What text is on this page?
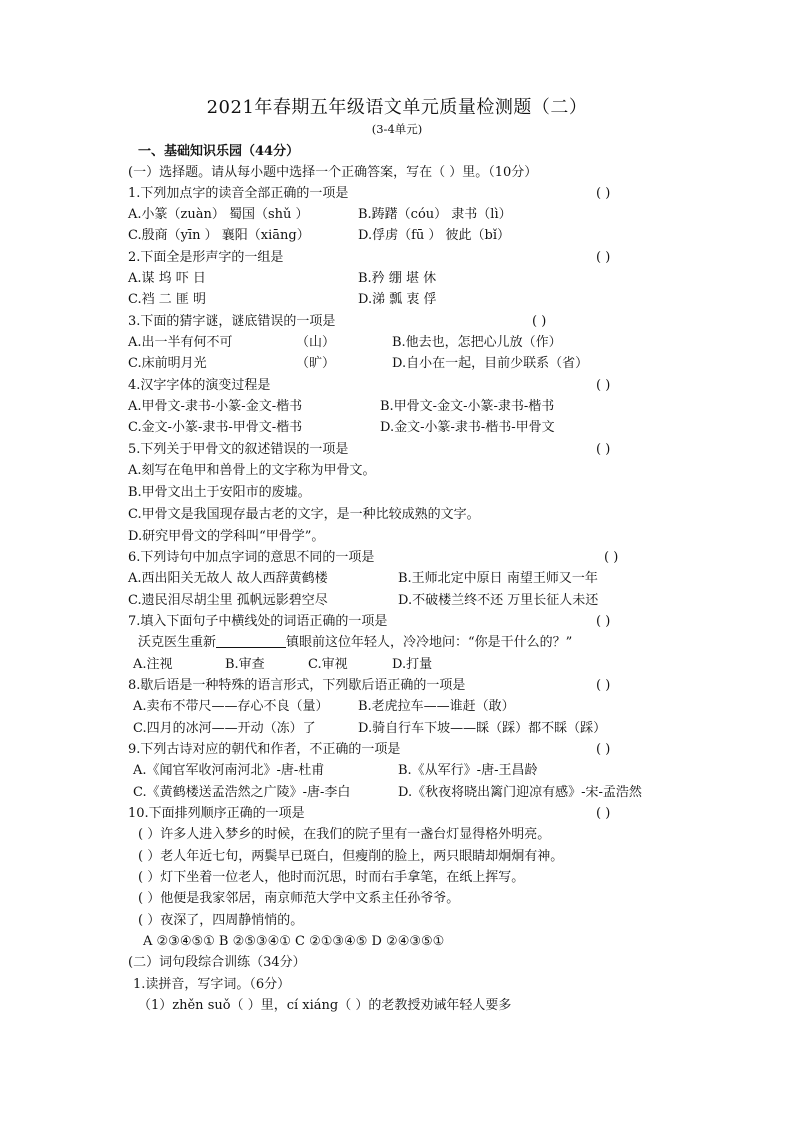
2021年春期五年级语文单元质量检测题（二）
(3-4单元)
一、基础知识乐园（44分）
(一）选择题。请从每小题中选择一个正确答案，写在（ ）里。（10分）
1.下列加点字的读音全部正确的一项是	( )
A.小篆（zuàn） 蜀国（shǔ ）	B.踌躇（cóu） 隶书（lì）
C.殷商（yīn ） 襄阳（xiāng）	D.俘虏（fū ） 彼此（bǐ）
2.下面全是形声字的一组是	( )
A.谋 坞 吓 日	B.矜 绷 堪 休
C.裆 二 匪 明	D.涕 瓢 衷 俘
3.下面的猜字谜，谜底错误的一项是	( )
A.出一半有何不可	（山）	B.他去也，怎把心儿放（作）
C.床前明月光	（旷）	D.自小在一起，目前少联系（省）
4.汉字字体的演变过程是	( )
A.甲骨文-隶书-小篆-金文-楷书	B.甲骨文-金文-小篆-隶书-楷书
C.金文-小篆-隶书-甲骨文-楷书	D.金文-小篆-隶书-楷书-甲骨文
5.下列关于甲骨文的叙述错误的一项是	( )
A.刻写在龟甲和兽骨上的文字称为甲骨文。
B.甲骨文出土于安阳市的废墟。
C.甲骨文是我国现存最古老的文字，是一种比较成熟的文字。
D.研究甲骨文的学科叫“甲骨学”。
6.下列诗句中加点字词的意思不同的一项是	( )
A.西出阳关无故人 故人西辞黄鹤楼	B.王师北定中原日 南望王师又一年
C.遗民泪尽胡尘里 孤帆远影碧空尽	D.不破楼兰终不还 万里长征人未还
7.填入下面句子中横线处的词语正确的一项是	( )
沃克医生重新	镇眼前这位年轻人，冷冷地问：“你是干什么的？”
A.注视	B.审查	C.审视	D.打量
8.歇后语是一种特殊的语言形式，下列歇后语正确的一项是	( )
A.卖布不带尺——存心不良（量） B.老虎拉车——谁赶（敢）
C.四月的冰河——开动（冻）了	D.骑自行车下坡——睬（踩）都不睬（踩）
9.下列古诗对应的朝代和作者，不正确的一项是	( )
A.《闻官军收河南河北》-唐-杜甫	B.《从军行》-唐-王昌龄
C.《黄鹤楼送孟浩然之广陵》-唐-李白	D.《秋夜将晓出篱门迎凉有感》-宋-孟浩然
10.下面排列顺序正确的一项是	( )
( ）许多人进入梦乡的时候，在我们的院子里有一盏台灯显得格外明亮。
( ）老人年近七旬，两鬓早已斑白，但瘦削的脸上，两只眼睛却炯炯有神。
( ）灯下坐着一位老人，他时而沉思，时而右手拿笔，在纸上挥写。
( ）他便是我家邻居，南京师范大学中文系主任孙爷爷。
( ）夜深了，四周静悄悄的。
A ②③④⑤① B ②⑤③④① C ②①③④⑤ D ②④③⑤①
(二）词句段综合训练（34分）
1.读拼音，写字词。（6分）
（1）zhěn suǒ（ ）里，cí xiáng（ ）的老教授劝诫年轻人要多
